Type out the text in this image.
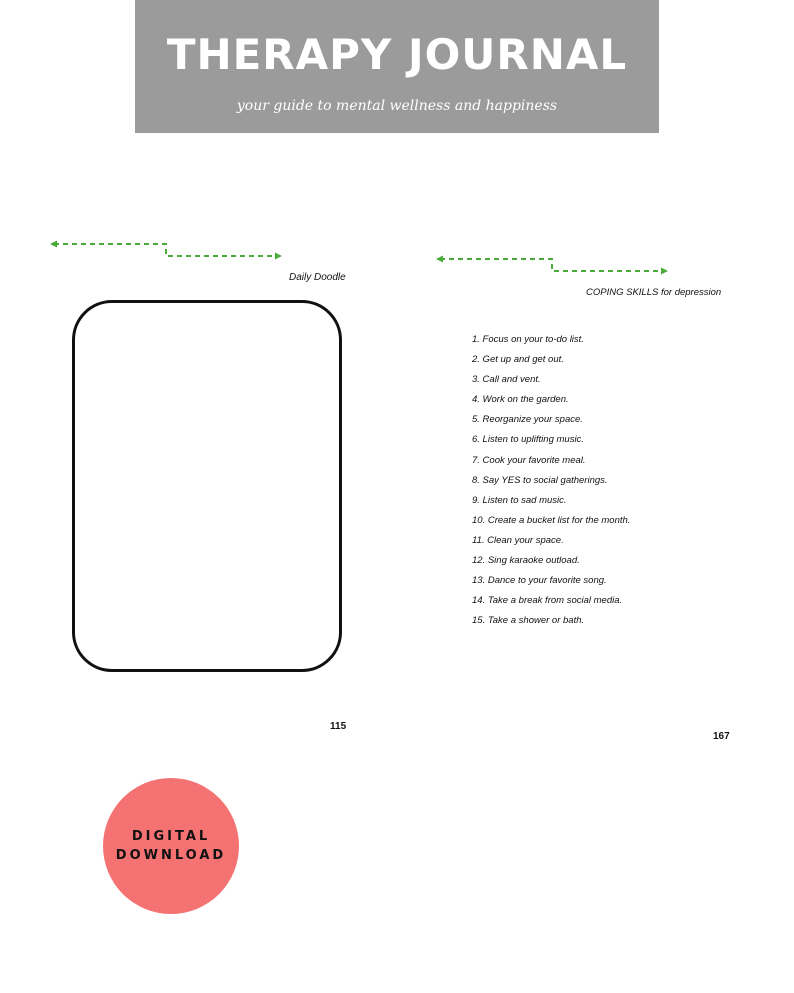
THERAPY JOURNAL
your guide to mental wellness and happiness
Daily Doodle
115
COPING SKILLS for depression
1. Focus on your to-do list.
2. Get up and get out.
3. Call and vent.
4. Work on the garden.
5. Reorganize your space.
6. Listen to uplifting music.
7. Cook your favorite meal.
8. Say YES to social gatherings.
9. Listen to sad music.
10. Create a bucket list for the month.
11. Clean your space.
12. Sing karaoke outload.
13. Dance to your favorite song.
14. Take a break from social media.
15. Take a shower or bath.
167
DIGITAL
DOWNLOAD
